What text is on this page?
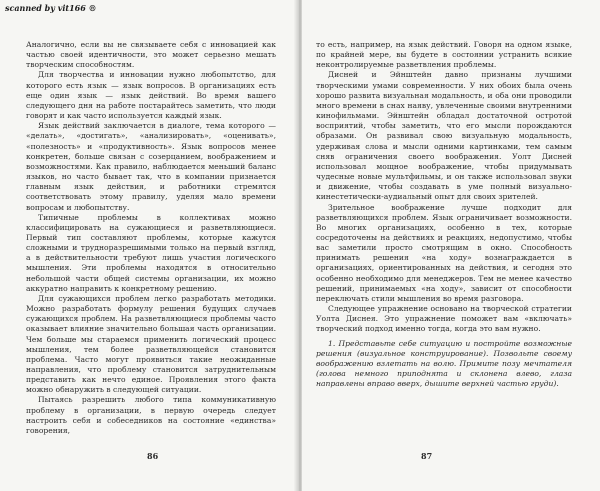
scanned by vit166 ®

Аналогично, если вы не связываете себя с инновацией как частью своей идентичности, это может серьезно мешать творческим способностям.

Для творчества и инновации нужно любопытство, для которого есть язык — язык вопросов. В организациях есть еще один язык — язык действий. Во время вашего следующего дня на работе постарайтесь заметить, что люди говорят и как часто используется каждый язык.

Язык действий заключается в диалоге, тема которого — «делать», «достигать», «анализировать», «оценивать», «полезность» и «продуктивность». Язык вопросов менее конкретен, больше связан с созерцанием, воображением и возможностями. Как правило, наблюдается меньший баланс языков, но часто бывает так, что в компании признается главным язык действия, и работники стремятся соответствовать этому правилу, уделяя мало времени вопросам и любопытству.

Типичные проблемы в коллективах можно классифицировать на сужающиеся и разветвляющиеся. Первый тип составляют проблемы, которые кажутся сложными и трудноразрешимыми только на первый взгляд, а в действительности требуют лишь участия логического мышления. Эти проблемы находятся в относительно небольшой части общей системы организации, их можно аккуратно направить к конкретному решению.

Для сужающихся проблем легко разработать методики. Можно разработать формулу решения будущих случаев сужающихся проблем. На разветвляющиеся проблемы часто оказывает влияние значительно большая часть организации. Чем больше мы стараемся применить логический процесс мышления, тем более разветвляющейся становится проблема. Часто могут проявиться такие неожиданные направления, что проблему становится затруднительным представить как нечто единое. Проявления этого факта можно обнаружить в следующей ситуации.

Пытаясь разрешить любого типа коммуникативную проблему в организации, в первую очередь следует настроить себя и собеседников на состояние «единства» говорения,

86

то есть, например, на язык действий. Говоря на одном языке, по крайней мере, вы будете в состоянии устранить всякие неконтролируемые разветвления проблемы.

Дисней и Эйнштейн давно признаны лучшими творческими умами современности. У них обоих была очень хорошо развита визуальная модальность, и оба они проводили много времени в снах наяву, увлеченные своими внутренними кинофильмами. Эйнштейн обладал достаточной остротой восприятий, чтобы заметить, что его мысли порождаются образами. Он развивал свою визуальную модальность, удерживая слова и мысли одними картинками, тем самым сняв ограничения своего воображения. Уолт Дисней использовал мощное воображение, чтобы придумывать чудесные новые мультфильмы, и он также использовал звуки и движение, чтобы создавать в уме полный визуально-кинестетически-аудиальный опыт для своих зрителей.

Зрительное воображение лучше подходит для разветвляющихся проблем. Язык ограничивает возможности. Во многих организациях, особенно в тех, которые сосредоточены на действиях и реакциях, недопустимо, чтобы вас заметили просто смотрящим в окно. Способность принимать решения «на ходу» вознаграждается в организациях, ориентированных на действия, и сегодня это особенно необходимо для менеджеров. Тем не менее качество решений, принимаемых «на ходу», зависит от способности переключать стили мышления во время разговора.

Следующее упражнение основано на творческой стратегии Уолта Диснея. Это упражнение поможет вам «включать» творческий подход именно тогда, когда это вам нужно.

1. Представьте себе ситуацию и постройте возможные решения (визуальное конструирование). Позвольте своему воображению взлетать на волю. Примите позу мечтателя (голова немного приподнята и склонена влево, глаза направлены вправо вверх, дышите верхней частью груди).

87
